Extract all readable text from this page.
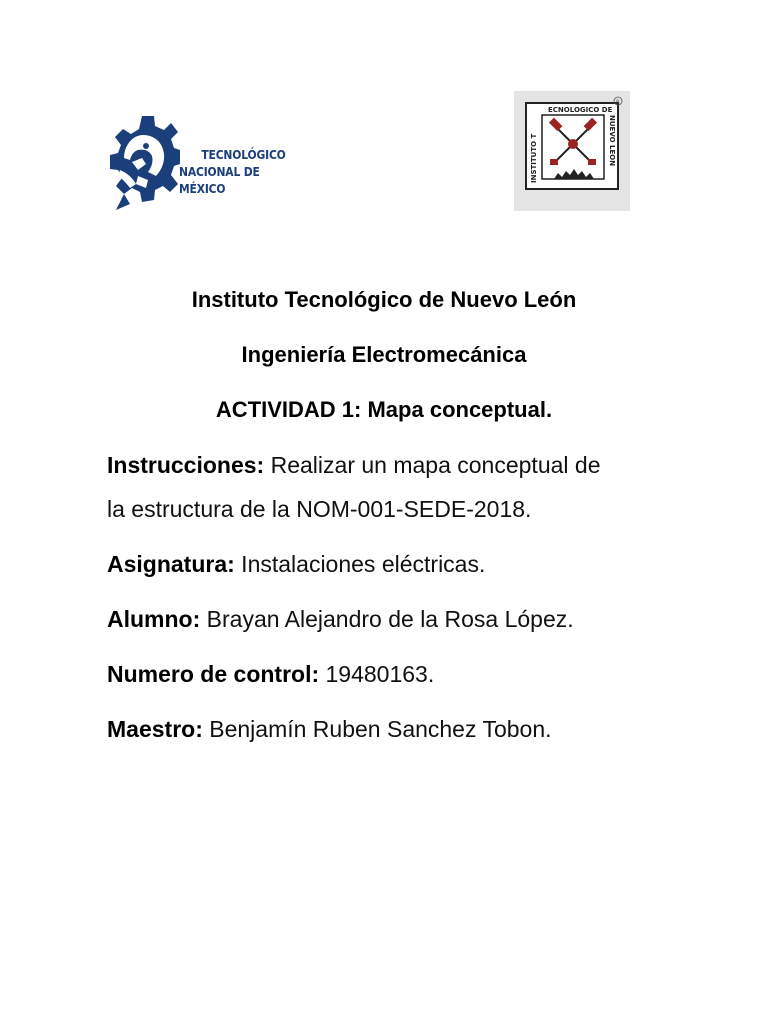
TECNOLÓGICO
NACIONAL DE MÉXICO
ECNOLOGICO DE
INSTITUTO T	NUEVO LEON
R
Instituto Tecnológico de Nuevo León
Ingeniería Electromecánica
ACTIVIDAD 1: Mapa conceptual.
Instrucciones: Realizar un mapa conceptual de
la estructura de la NOM-001-SEDE-2018.
Asignatura: Instalaciones eléctricas.
Alumno: Brayan Alejandro de la Rosa López.
Numero de control: 19480163.
Maestro: Benjamín Ruben Sanchez Tobon.
